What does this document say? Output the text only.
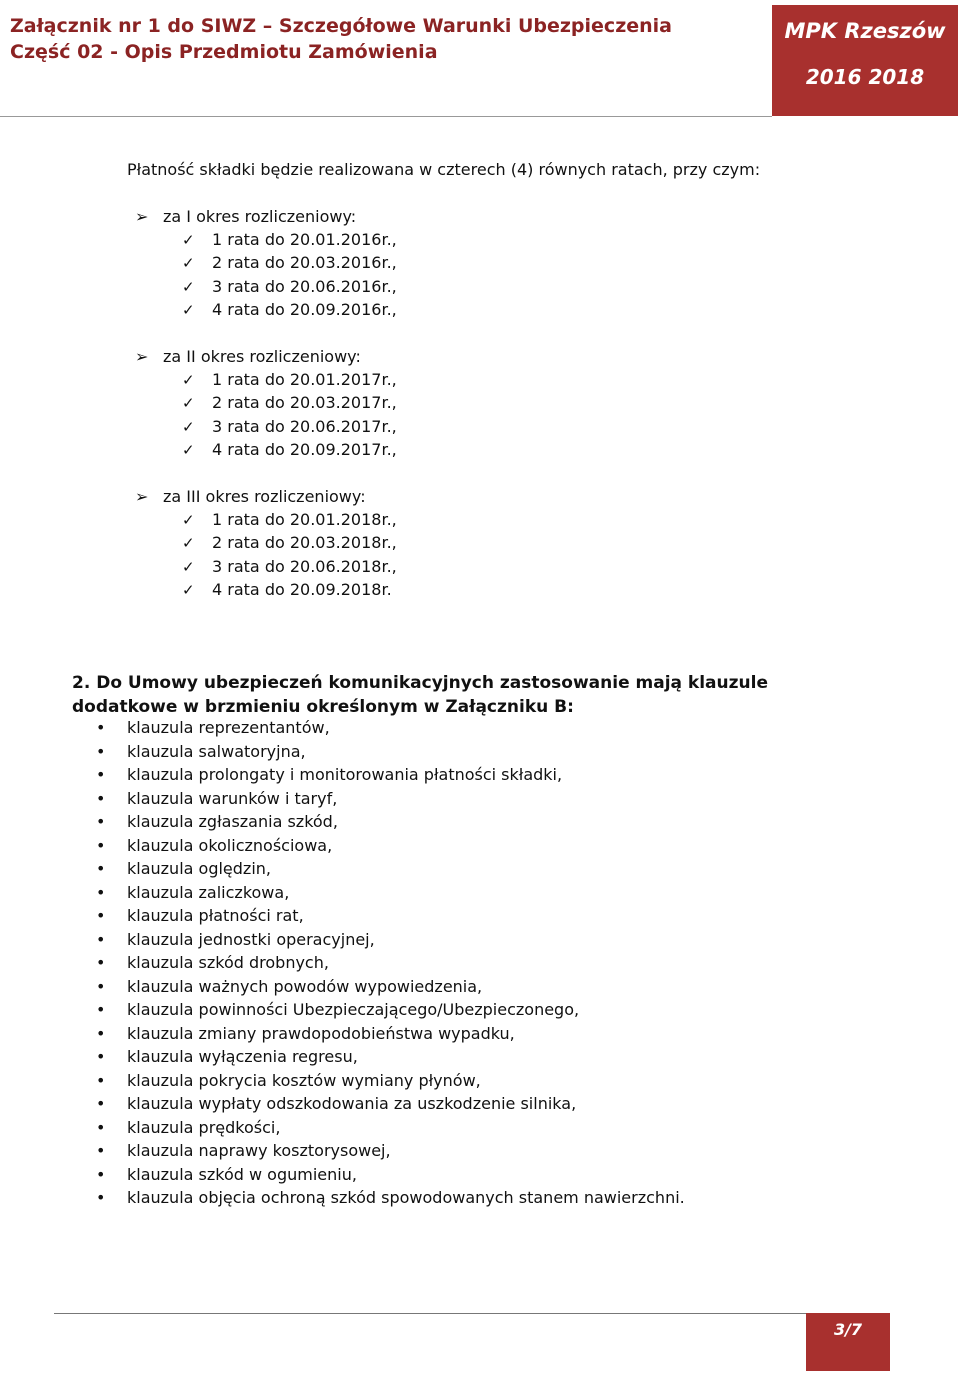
Załącznik nr 1 do SIWZ – Szczegółowe Warunki Ubezpieczenia
Część 02 - Opis Przedmiotu Zamówienia
MPK Rzeszów
2016 2018
Płatność składki będzie realizowana w czterech (4) równych ratach, przy czym:
➢ za I okres rozliczeniowy:
✓ 1 rata do 20.01.2016r.,
✓ 2 rata do 20.03.2016r.,
✓ 3 rata do 20.06.2016r.,
✓ 4 rata do 20.09.2016r.,
➢ za II okres rozliczeniowy:
✓ 1 rata do 20.01.2017r.,
✓ 2 rata do 20.03.2017r.,
✓ 3 rata do 20.06.2017r.,
✓ 4 rata do 20.09.2017r.,
➢ za III okres rozliczeniowy:
✓ 1 rata do 20.01.2018r.,
✓ 2 rata do 20.03.2018r.,
✓ 3 rata do 20.06.2018r.,
✓ 4 rata do 20.09.2018r.
2. Do Umowy ubezpieczeń komunikacyjnych zastosowanie mają klauzule
dodatkowe w brzmieniu określonym w Załączniku B:
• klauzula reprezentantów,
• klauzula salwatoryjna,
• klauzula prolongaty i monitorowania płatności składki,
• klauzula warunków i taryf,
• klauzula zgłaszania szkód,
• klauzula okolicznościowa,
• klauzula oględzin,
• klauzula zaliczkowa,
• klauzula płatności rat,
• klauzula jednostki operacyjnej,
• klauzula szkód drobnych,
• klauzula ważnych powodów wypowiedzenia,
• klauzula powinności Ubezpieczającego/Ubezpieczonego,
• klauzula zmiany prawdopodobieństwa wypadku,
• klauzula wyłączenia regresu,
• klauzula pokrycia kosztów wymiany płynów,
• klauzula wypłaty odszkodowania za uszkodzenie silnika,
• klauzula prędkości,
• klauzula naprawy kosztorysowej,
• klauzula szkód w ogumieniu,
• klauzula objęcia ochroną szkód spowodowanych stanem nawierzchni.
3/7
